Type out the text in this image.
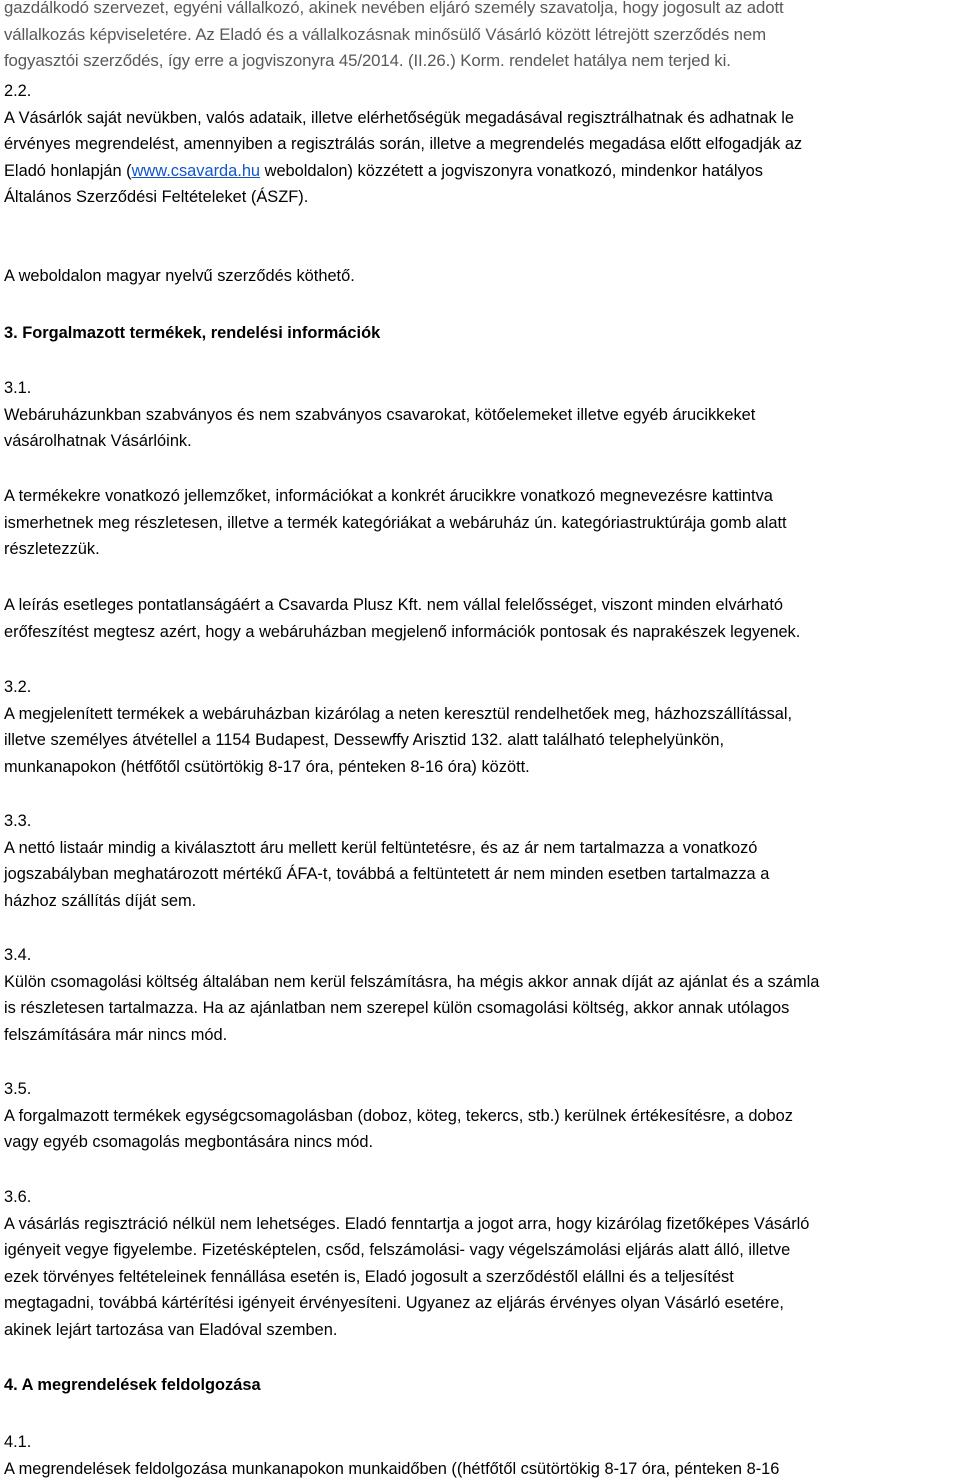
gazdálkodó szervezet, egyéni vállalkozó, akinek nevében eljáró személy szavatolja, hogy jogosult az adott
vállalkozás képviseletére. Az Eladó és a vállalkozásnak minősülő Vásárló között létrejött szerződés nem
fogyasztói szerződés, így erre a jogviszonyra 45/2014. (II.26.) Korm. rendelet hatálya nem terjed ki.
2.2.
A Vásárlók saját nevükben, valós adataik, illetve elérhetőségük megadásával regisztrálhatnak és adhatnak le
érvényes megrendelést, amennyiben a regisztrálás során, illetve a megrendelés megadása előtt elfogadják az
Eladó honlapján (www.csavarda.hu weboldalon) közzétett a jogviszonyra vonatkozó, mindenkor hatályos
Általános Szerződési Feltételeket (ÁSZF).
A weboldalon magyar nyelvű szerződés köthető.
3. Forgalmazott termékek, rendelési információk
3.1.
Webáruházunkban szabványos és nem szabványos csavarokat, kötőelemeket illetve egyéb árucikkeket
vásárolhatnak Vásárlóink.
A termékekre vonatkozó jellemzőket, információkat a konkrét árucikkre vonatkozó megnevezésre kattintva
ismerhetnek meg részletesen, illetve a termék kategóriákat a webáruház ún. kategóriastruktúrája gomb alatt
részletezzük.
A leírás esetleges pontatlanságáért a Csavarda Plusz Kft. nem vállal felelősséget, viszont minden elvárható
erőfeszítést megtesz azért, hogy a webáruházban megjelenő információk pontosak és naprakészek legyenek.
3.2.
A megjelenített termékek a webáruházban kizárólag a neten keresztül rendelhetőek meg, házhozszállítással,
illetve személyes átvétellel a 1154 Budapest, Dessewffy Arisztid 132. alatt található telephelyünkön,
munkanapokon (hétfőtől csütörtökig 8-17 óra, pénteken 8-16 óra) között.
3.3.
A nettó listaár mindig a kiválasztott áru mellett kerül feltüntetésre, és az ár nem tartalmazza a vonatkozó
jogszabályban meghatározott mértékű ÁFA-t, továbbá a feltüntetett ár nem minden esetben tartalmazza a
házhoz szállítás díját sem.
3.4.
Külön csomagolási költség általában nem kerül felszámításra, ha mégis akkor annak díját az ajánlat és a számla
is részletesen tartalmazza. Ha az ajánlatban nem szerepel külön csomagolási költség, akkor annak utólagos
felszámítására már nincs mód.
3.5.
A forgalmazott termékek egységcsomagolásban (doboz, köteg, tekercs, stb.) kerülnek értékesítésre, a doboz
vagy egyéb csomagolás megbontására nincs mód.
3.6.
A vásárlás regisztráció nélkül nem lehetséges. Eladó fenntartja a jogot arra, hogy kizárólag fizetőképes Vásárló
igényeit vegye figyelembe. Fizetésképtelen, csőd, felszámolási- vagy végelszámolási eljárás alatt álló, illetve
ezek törvényes feltételeinek fennállása esetén is, Eladó jogosult a szerződéstől elállni és a teljesítést
megtagadni, továbbá kártérítési igényeit érvényesíteni. Ugyanez az eljárás érvényes olyan Vásárló esetére,
akinek lejárt tartozása van Eladóval szemben.
4. A megrendelések feldolgozása
4.1.
A megrendelések feldolgozása munkanapokon munkaidőben ((hétfőtől csütörtökig 8-17 óra, pénteken 8-16
